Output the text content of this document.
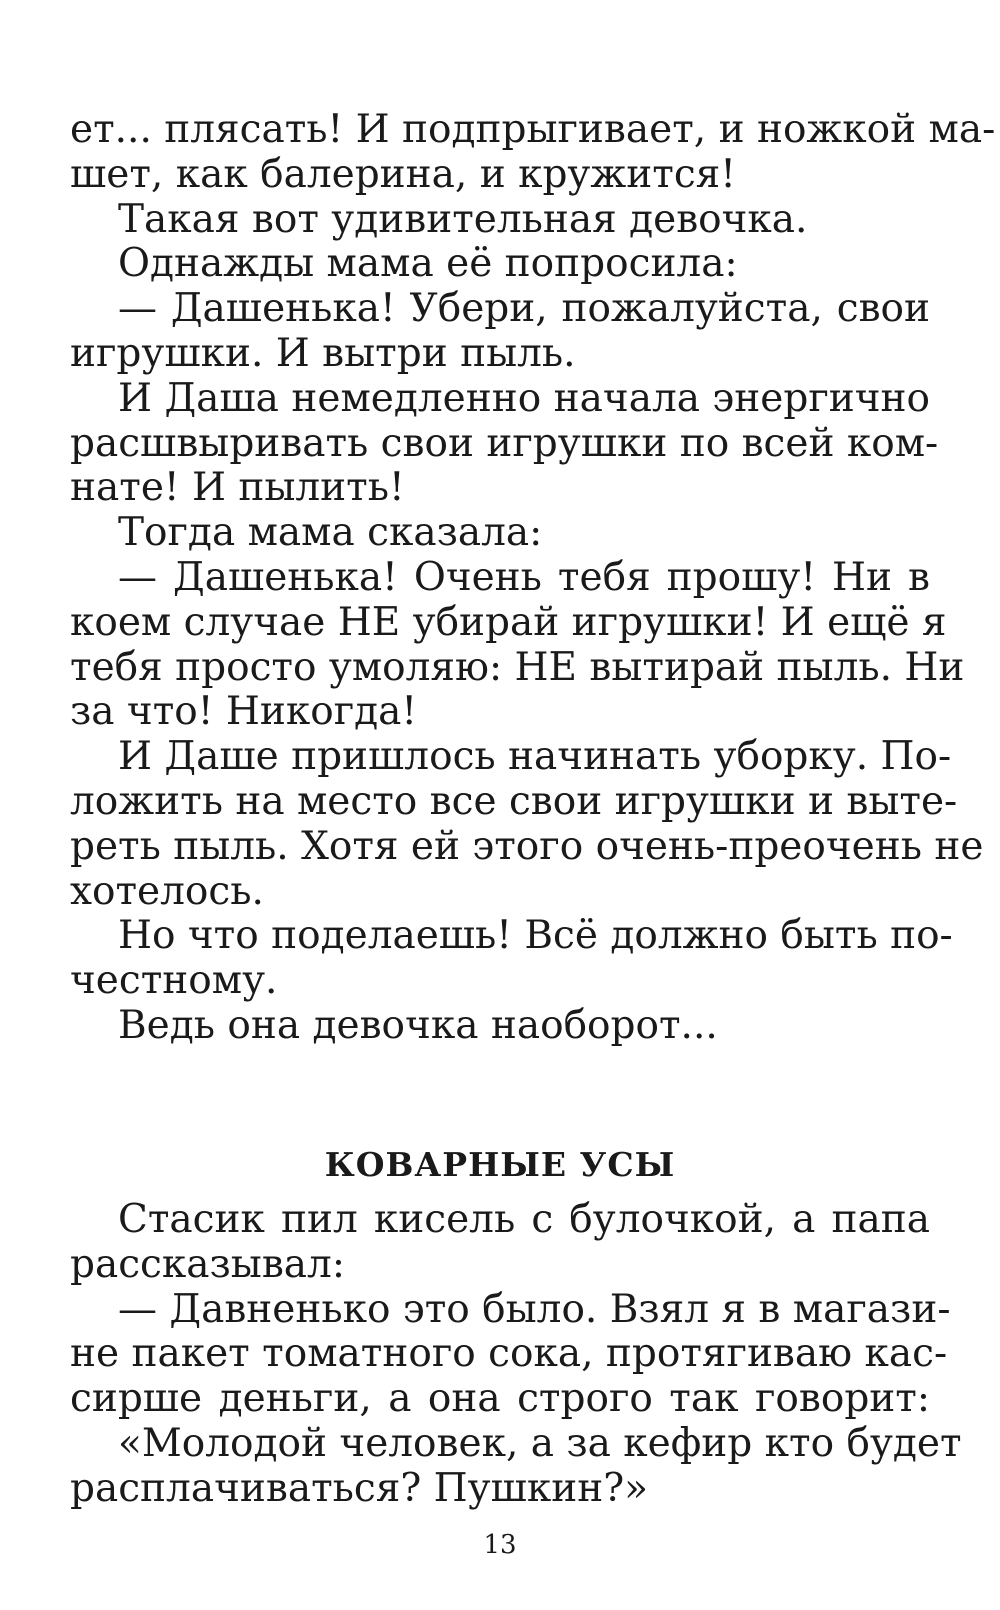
ет... плясать! И подпрыгивает, и ножкой ма-

шет, как балерина, и кружится!

Такая вот удивительная девочка.

Однажды мама её попросила:

— Дашенька! Убери, пожалуйста, свои

игрушки. И вытри пыль.

И Даша немедленно начала энергично

расшвыривать свои игрушки по всей ком-

нате! И пылить!

Тогда мама сказала:

— Дашенька! Очень тебя прошу! Ни в

коем случае НЕ убирай игрушки! И ещё я

тебя просто умоляю: НЕ вытирай пыль. Ни

за что! Никогда!

И Даше пришлось начинать уборку. По-

ложить на место все свои игрушки и выте-

реть пыль. Хотя ей этого очень-преочень не

хотелось.

Но что поделаешь! Всё должно быть по-

честному.

Ведь она девочка наоборот...

КОВАРНЫЕ УСЫ

Стасик пил кисель с булочкой, а папа

рассказывал:

— Давненько это было. Взял я в магази-

не пакет томатного сока, протягиваю кас-

сирше деньги, а она строго так говорит:

«Молодой человек, а за кефир кто будет

расплачиваться? Пушкин?»

13
